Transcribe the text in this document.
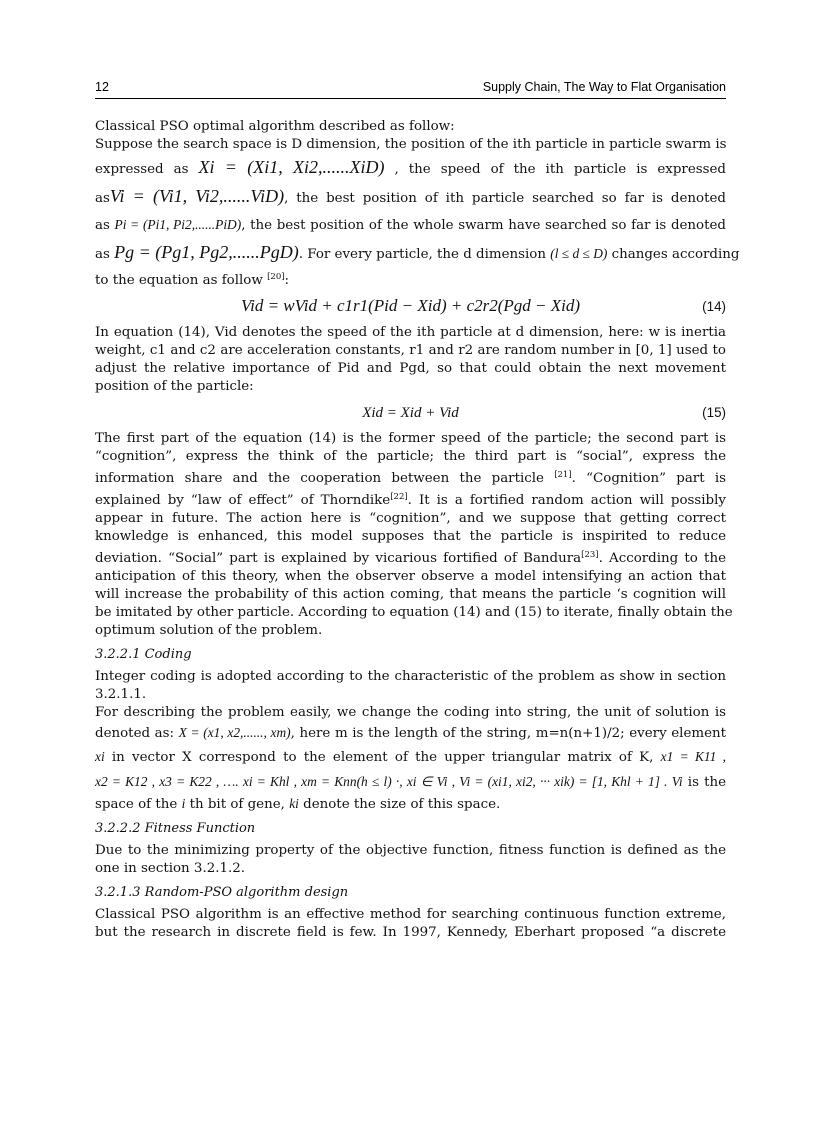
12	Supply Chain, The Way to Flat Organisation
Classical PSO optimal algorithm described as follow:
Suppose the search space is D dimension, the position of the ith particle in particle swarm is
expressed as Xi = (Xi1, Xi2,......XiD) , the speed of the ith particle is expressed
asVi = (Vi1, Vi2,......ViD), the best position of ith particle searched so far is denoted
as Pi = (Pi1, Pi2,......PiD), the best position of the whole swarm have searched so far is denoted
as Pg = (Pg1, Pg2,......PgD). For every particle, the d dimension (l ≤ d ≤ D) changes according
to the equation as follow [20]:
Vid = wVid + c1r1(Pid − Xid) + c2r2(Pgd − Xid)	(14)
In equation (14), Vid denotes the speed of the ith particle at d dimension, here: w is inertia
weight, c1 and c2 are acceleration constants, r1 and r2 are random number in [0, 1] used to
adjust the relative importance of Pid and Pgd, so that could obtain the next movement
position of the particle:
Xid = Xid + Vid	(15)
The first part of the equation (14) is the former speed of the particle; the second part is
“cognition”, express the think of the particle; the third part is “social”, express the
information share and the cooperation between the particle [21]. “Cognition” part is
explained by “law of effect” of Thorndike[22]. It is a fortified random action will possibly
appear in future. The action here is “cognition”, and we suppose that getting correct
knowledge is enhanced, this model supposes that the particle is inspirited to reduce
deviation. “Social” part is explained by vicarious fortified of Bandura[23]. According to the
anticipation of this theory, when the observer observe a model intensifying an action that
will increase the probability of this action coming, that means the particle ‘s cognition will
be imitated by other particle. According to equation (14) and (15) to iterate, finally obtain the
optimum solution of the problem.
3.2.2.1 Coding
Integer coding is adopted according to the characteristic of the problem as show in section
3.2.1.1.
For describing the problem easily, we change the coding into string, the unit of solution is
denoted as: X = (x1, x2,......, xm), here m is the length of the string, m=n(n+1)/2; every element
xi in vector X correspond to the element of the upper triangular matrix of K, x1 = K11 ,
x2 = K12 , x3 = K22 , …. xi = Khl , xm = Knn(h ≤ l) ·, xi ∈ Vi , Vi = (xi1, xi2, ··· xik) = [1, Khl + 1] . Vi is the
space of the i th bit of gene, ki denote the size of this space.
3.2.2.2 Fitness Function
Due to the minimizing property of the objective function, fitness function is defined as the
one in section 3.2.1.2.
3.2.1.3 Random-PSO algorithm design
Classical PSO algorithm is an effective method for searching continuous function extreme,
but the research in discrete field is few. In 1997, Kennedy, Eberhart proposed “a discrete
